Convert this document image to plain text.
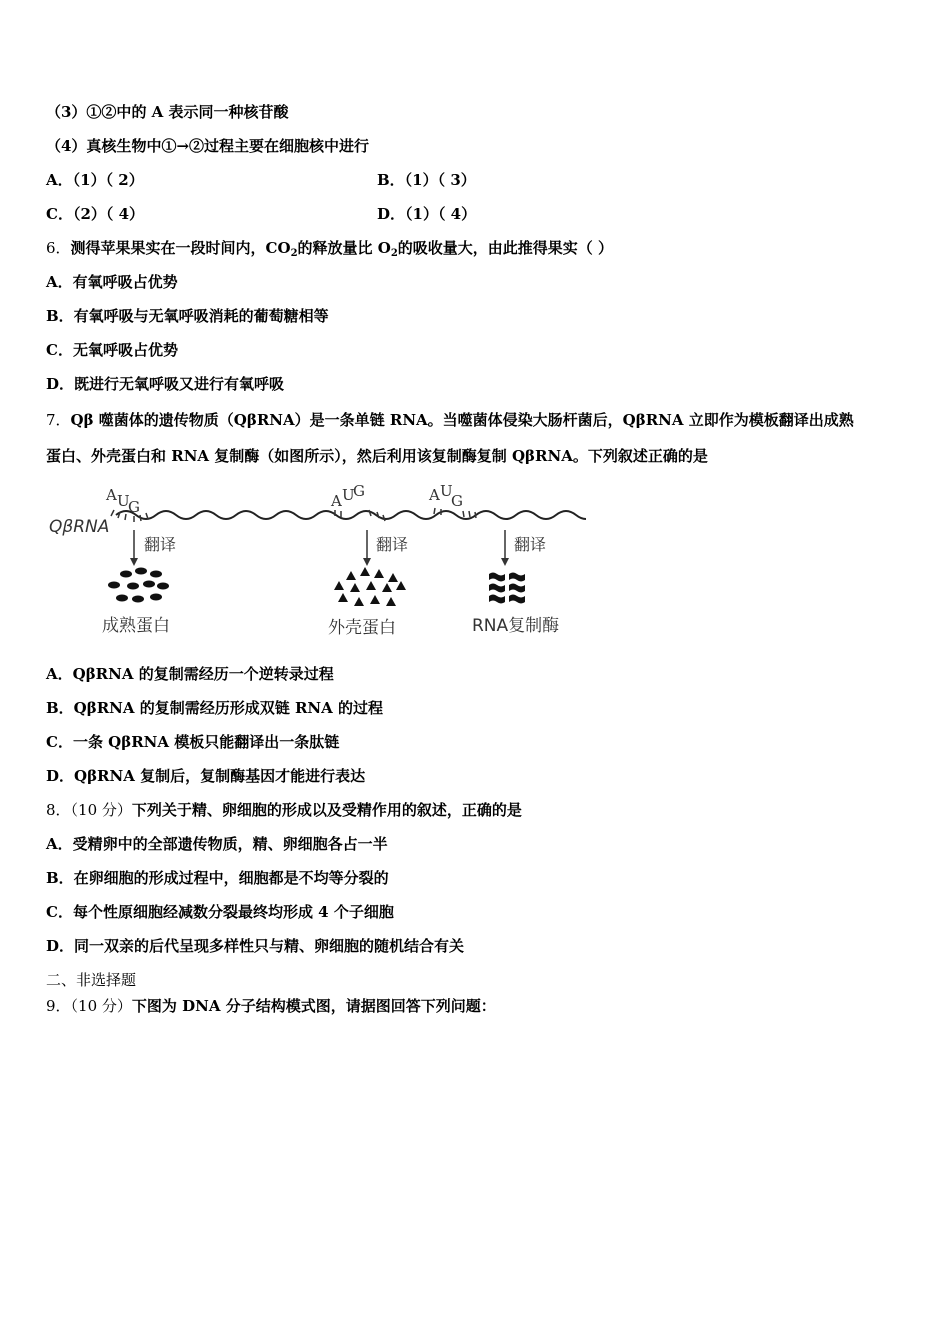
（3）①②中的 A 表示同一种核苷酸
（4）真核生物中①→②过程主要在细胞核中进行
A．（1）（ 2）	B．（1）（ 3）
C．（2）（ 4）	D．（1）（ 4）
6．测得苹果果实在一段时间内，$CO_2$的释放量比 $O_2$的吸收量大，由此推得果实（ ）
A．有氧呼吸占优势
B．有氧呼吸与无氧呼吸消耗的葡萄糖相等
C．无氧呼吸占优势
D．既进行无氧呼吸又进行有氧呼吸
7．Qβ 噬菌体的遗传物质（QβRNA）是一条单链 RNA。当噬菌体侵染大肠杆菌后，QβRNA 立即作为模板翻译出成熟
蛋白、外壳蛋白和 RNA 复制酶（如图所示），然后利用该复制酶复制 QβRNA。下列叙述正确的是
QβRNA
A U
G	A U
G	A U
G
翻译	翻译	翻译
成熟蛋白	外壳蛋白	RNA复制酶
A．QβRNA 的复制需经历一个逆转录过程
B．QβRNA 的复制需经历形成双链 RNA 的过程
C．一条 QβRNA 模板只能翻译出一条肽链
D．QβRNA 复制后，复制酶基因才能进行表达
8．（10 分）下列关于精、卵细胞的形成以及受精作用的叙述，正确的是
A．受精卵中的全部遗传物质，精、卵细胞各占一半
B．在卵细胞的形成过程中，细胞都是不均等分裂的
C．每个性原细胞经减数分裂最终均形成 4 个子细胞
D．同一双亲的后代呈现多样性只与精、卵细胞的随机结合有关
二、非选择题
9．（10 分）下图为 DNA 分子结构模式图，请据图回答下列问题：
